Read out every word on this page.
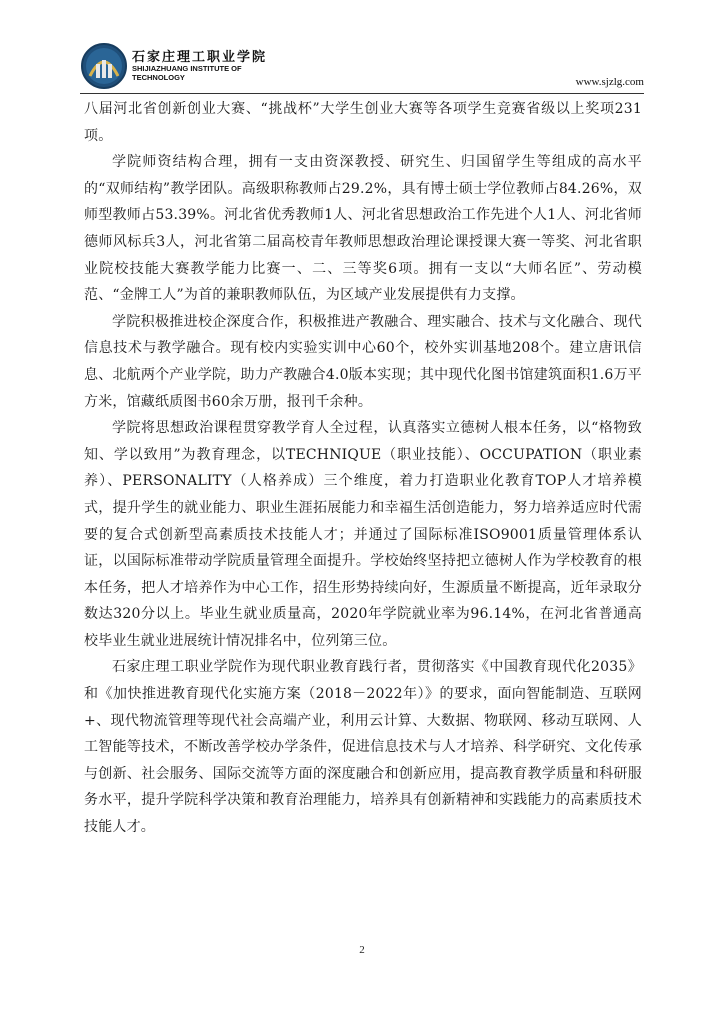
石家庄理工职业学院
SHIJIAZHUANG INSTITUTE OF TECHNOLOGY	www.sjzlg.com

八届河北省创新创业大赛、“挑战杯”大学生创业大赛等各项学生竞赛省级以上奖项231项。

学院师资结构合理，拥有一支由资深教授、研究生、归国留学生等组成的高水平的“双师结构”教学团队。高级职称教师占29.2%，具有博士硕士学位教师占84.26%，双师型教师占53.39%。河北省优秀教师1人、河北省思想政治工作先进个人1人、河北省师德师风标兵3人，河北省第二届高校青年教师思想政治理论课授课大赛一等奖、河北省职业院校技能大赛教学能力比赛一、二、三等奖6项。拥有一支以“大师名匠”、劳动模范、“金牌工人”为首的兼职教师队伍，为区域产业发展提供有力支撑。

学院积极推进校企深度合作，积极推进产教融合、理实融合、技术与文化融合、现代信息技术与教学融合。现有校内实验实训中心60个，校外实训基地208个。建立唐讯信息、北航两个产业学院，助力产教融合4.0版本实现；其中现代化图书馆建筑面积1.6万平方米，馆藏纸质图书60余万册，报刊千余种。

学院将思想政治课程贯穿教学育人全过程，认真落实立德树人根本任务，以“格物致知、学以致用”为教育理念，以TECHNIQUE（职业技能）、OCCUPATION（职业素养）、PERSONALITY（人格养成）三个维度，着力打造职业化教育TOP人才培养模式，提升学生的就业能力、职业生涯拓展能力和幸福生活创造能力，努力培养适应时代需要的复合式创新型高素质技术技能人才；并通过了国际标准ISO9001质量管理体系认证，以国际标准带动学院质量管理全面提升。学校始终坚持把立德树人作为学校教育的根本任务，把人才培养作为中心工作，招生形势持续向好，生源质量不断提高，近年录取分数达320分以上。毕业生就业质量高，2020年学院就业率为96.14%，在河北省普通高校毕业生就业进展统计情况排名中，位列第三位。

石家庄理工职业学院作为现代职业教育践行者，贯彻落实《中国教育现代化2035》和《加快推进教育现代化实施方案（2018－2022年）》的要求，面向智能制造、互联网+、现代物流管理等现代社会高端产业，利用云计算、大数据、物联网、移动互联网、人工智能等技术，不断改善学校办学条件，促进信息技术与人才培养、科学研究、文化传承与创新、社会服务、国际交流等方面的深度融合和创新应用，提高教育教学质量和科研服务水平，提升学院科学决策和教育治理能力，培养具有创新精神和实践能力的高素质技术技能人才。

2
